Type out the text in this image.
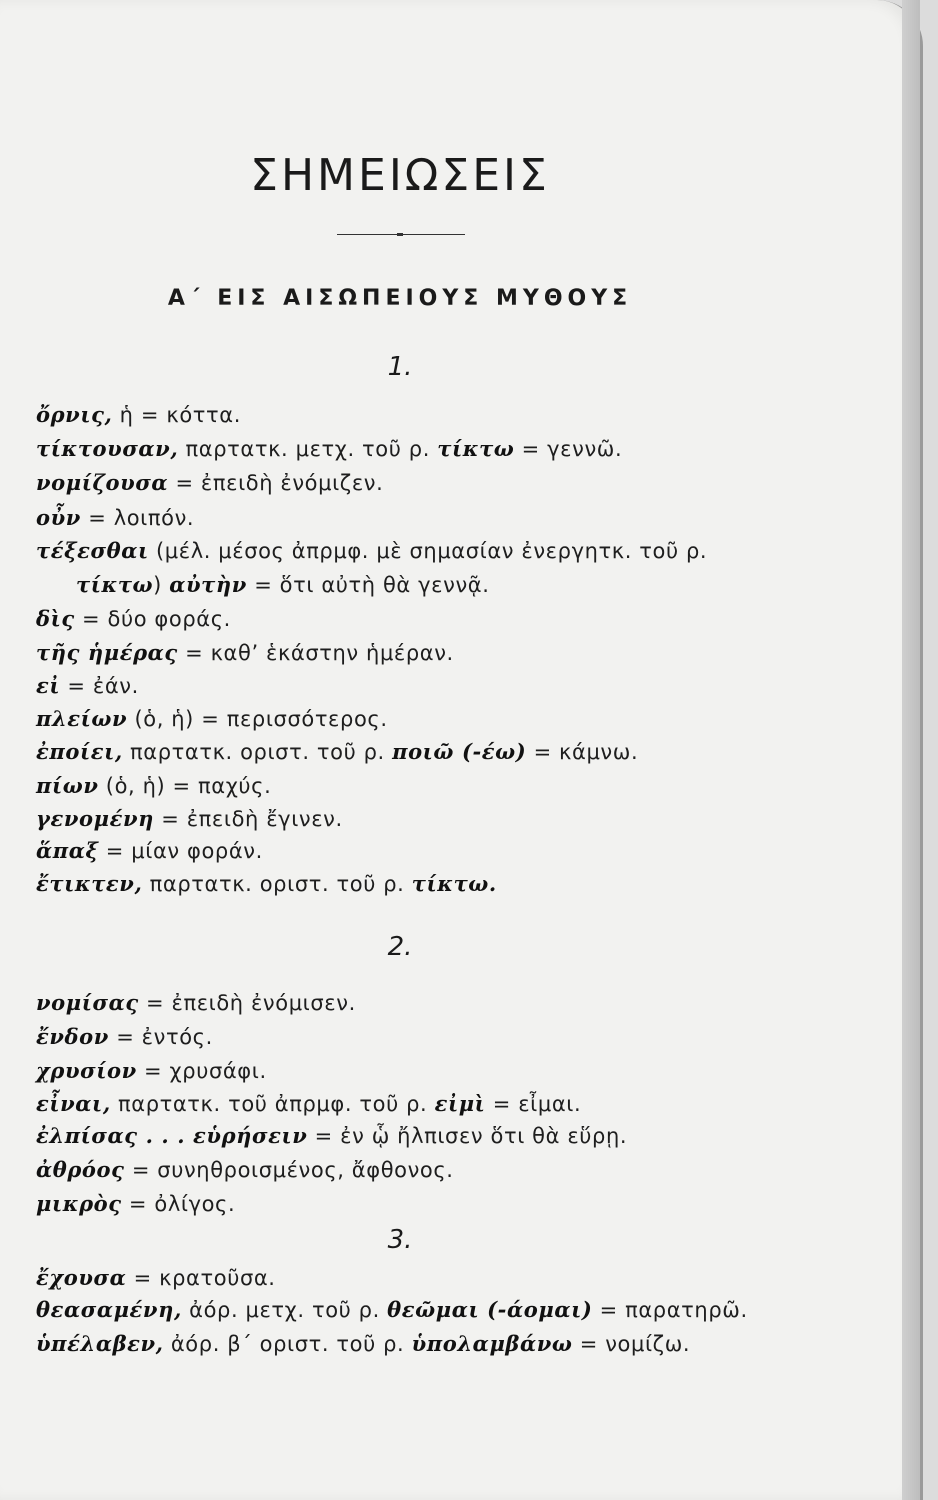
ΣΗΜΕΙΩΣΕΙΣ
Α΄ ΕΙΣ ΑΙΣΩΠΕΙΟΥΣ ΜΥΘΟΥΣ
1.
ὄρνις, ἡ = κόττα.
τίκτουσαν, παρτατκ. μετχ. τοῦ ρ. τίκτω = γεννῶ.
νομίζουσα = ἐπειδὴ ἐνόμιζεν.
οὖν = λοιπόν.
τέξεσθαι (μέλ. μέσος ἀπρμφ. μὲ σημασίαν ἐνεργητκ. τοῦ ρ.
τίκτω) αὐτὴν = ὅτι αὐτὴ θὰ γεννᾷ.
δὶς = δύο φοράς.
τῆς ἡμέρας = καθ’ ἑκάστην ἡμέραν.
εἰ = ἐάν.
πλείων (ὁ, ἡ) = περισσότερος.
ἐποίει, παρτατκ. οριστ. τοῦ ρ. ποιῶ (-έω) = κάμνω.
πίων (ὁ, ἡ) = παχύς.
γενομένη = ἐπειδὴ ἔγινεν.
ἅπαξ = μίαν φοράν.
ἔτικτεν, παρτατκ. οριστ. τοῦ ρ. τίκτω.
2.
νομίσας = ἐπειδὴ ἐνόμισεν.
ἔνδον = ἐντός.
χρυσίον = χρυσάφι.
εἶναι, παρτατκ. τοῦ ἀπρμφ. τοῦ ρ. εἰμὶ = εἶμαι.
ἐλπίσας . . . εὑρήσειν = ἐν ᾧ ἤλπισεν ὅτι θὰ εὕρῃ.
ἀθρόος = συνηθροισμένος, ἄφθονος.
μικρὸς = ὀλίγος.
3.
ἔχουσα = κρατοῦσα.
θεασαμένη, ἀόρ. μετχ. τοῦ ρ. θεῶμαι (-άομαι) = παρατηρῶ.
ὑπέλαβεν, ἀόρ. β΄ οριστ. τοῦ ρ. ὑπολαμβάνω = νομίζω.
